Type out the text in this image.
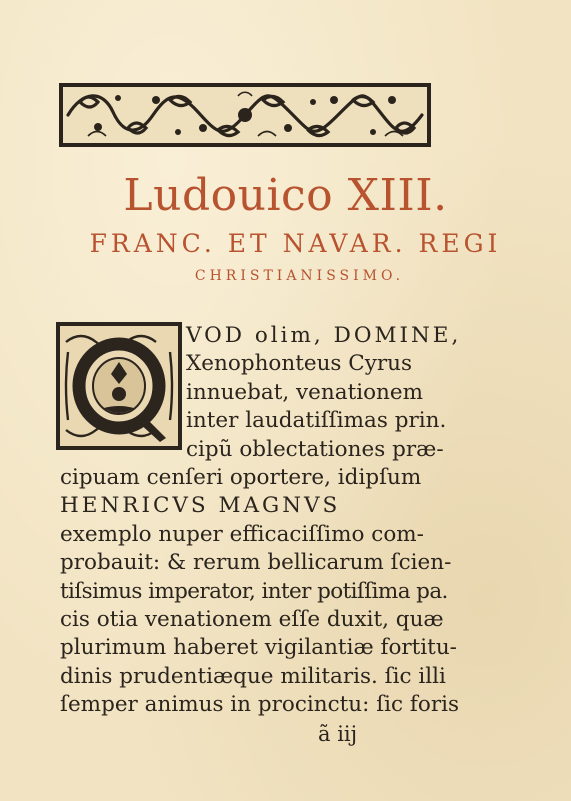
Ludouico XIII.
FRANC. ET NAVAR. REGI
CHRISTIANISSIMO.
VOD olim, DOMINE,
Xenophonteus Cyrus
innuebat, venationem
inter laudatiſſimas prin.
cipũ oblectationes præ-
cipuam cenſeri oportere, idipſum
HENRICVS MAGNVS
exemplo nuper efficaciſſimo com-
probauit: & rerum bellicarum ſcien-
tiſsimus imperator, inter potiſſima pa.
cis otia venationem eſſe duxit, quæ
plurimum haberet vigilantiæ fortitu-
dinis prudentiæque militaris. ſic illi
ſemper animus in procinctu: ſic foris
ã iij
